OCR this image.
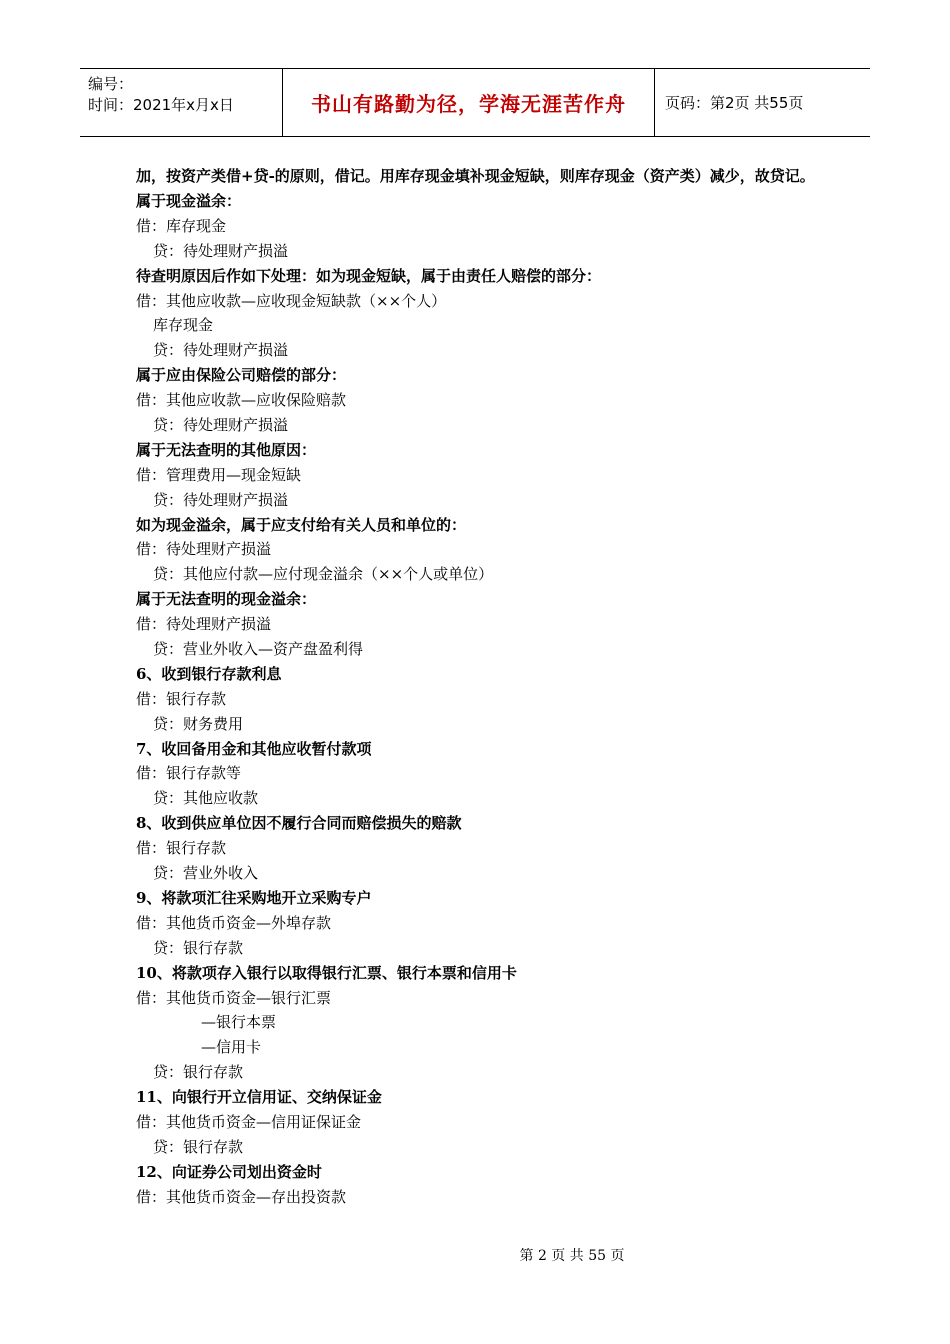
编号：
时间：2021年x月x日	书山有路勤为径，学海无涯苦作舟	页码：第2页 共55页
加，按资产类借+贷-的原则，借记。用库存现金填补现金短缺，则库存现金（资产类）减少，故贷记。
属于现金溢余：
借：库存现金
贷：待处理财产损溢
待查明原因后作如下处理：如为现金短缺，属于由责任人赔偿的部分：
借：其他应收款—应收现金短缺款（××个人）
库存现金
贷：待处理财产损溢
属于应由保险公司赔偿的部分：
借：其他应收款—应收保险赔款
贷：待处理财产损溢
属于无法查明的其他原因：
借：管理费用—现金短缺
贷：待处理财产损溢
如为现金溢余，属于应支付给有关人员和单位的：
借：待处理财产损溢
贷：其他应付款—应付现金溢余（××个人或单位）
属于无法查明的现金溢余：
借：待处理财产损溢
贷：营业外收入—资产盘盈利得
6、收到银行存款利息
借：银行存款
贷：财务费用
7、收回备用金和其他应收暂付款项
借：银行存款等
贷：其他应收款
8、收到供应单位因不履行合同而赔偿损失的赔款
借：银行存款
贷：营业外收入
9、将款项汇往采购地开立采购专户
借：其他货币资金—外埠存款
贷：银行存款
10、将款项存入银行以取得银行汇票、银行本票和信用卡
借：其他货币资金—银行汇票
—银行本票
—信用卡
贷：银行存款
11、向银行开立信用证、交纳保证金
借：其他货币资金—信用证保证金
贷：银行存款
12、向证券公司划出资金时
借：其他货币资金—存出投资款
第 2 页 共 55 页
